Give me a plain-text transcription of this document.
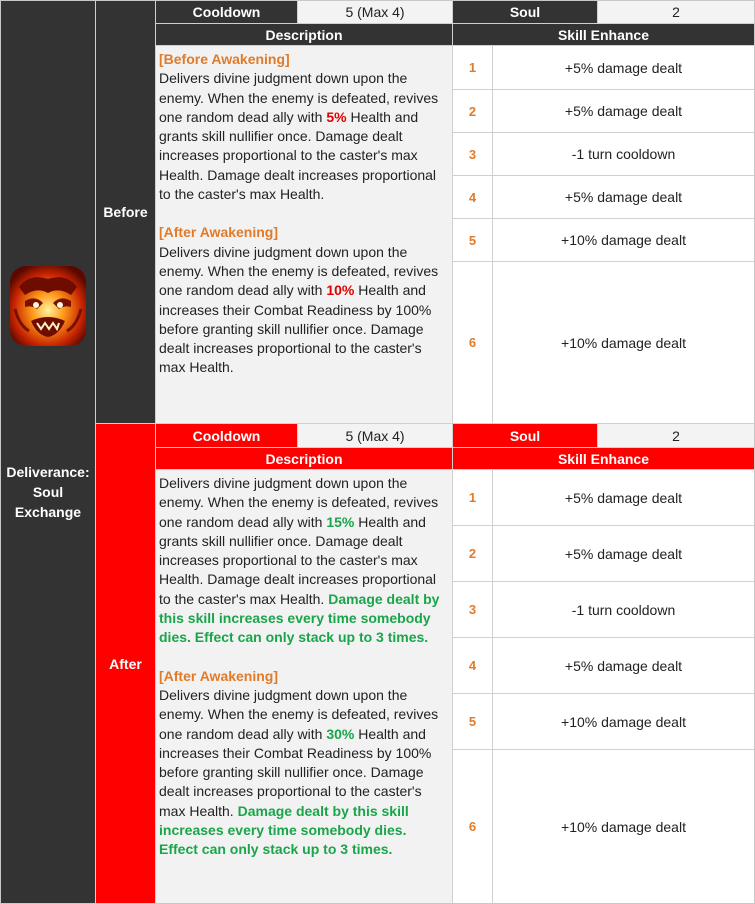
Deliverance: Soul Exchange
Before
After
Cooldown	5 (Max 4)	Soul	2
Description	Skill Enhance

[Before Awakening]

Delivers divine judgment down upon the enemy. When the enemy is defeated, revives one random dead ally with 5% Health and grants skill nullifier once. Damage dealt increases proportional to the caster's max Health. Damage dealt increases proportional to the caster's max Health.

[After Awakening]

Delivers divine judgment down upon the enemy. When the enemy is defeated, revives one random dead ally with 10% Health and increases their Combat Readiness by 100% before granting skill nullifier once. Damage dealt increases proportional to the caster's max Health.

1	+5% damage dealt
2	+5% damage dealt
3	-1 turn cooldown
4	+5% damage dealt
5	+10% damage dealt
6	+10% damage dealt
Cooldown	5 (Max 4)	Soul	2
Description	Skill Enhance

Delivers divine judgment down upon the enemy. When the enemy is defeated, revives one random dead ally with 15% Health and grants skill nullifier once. Damage dealt increases proportional to the caster's max Health. Damage dealt increases proportional to the caster's max Health. Damage dealt by this skill increases every time somebody dies. Effect can only stack up to 3 times.

[After Awakening]

Delivers divine judgment down upon the enemy. When the enemy is defeated, revives one random dead ally with 30% Health and increases their Combat Readiness by 100% before granting skill nullifier once. Damage dealt increases proportional to the caster's max Health. Damage dealt by this skill increases every time somebody dies. Effect can only stack up to 3 times.

1	+5% damage dealt
2	+5% damage dealt
3	-1 turn cooldown
4	+5% damage dealt
5	+10% damage dealt
6	+10% damage dealt
